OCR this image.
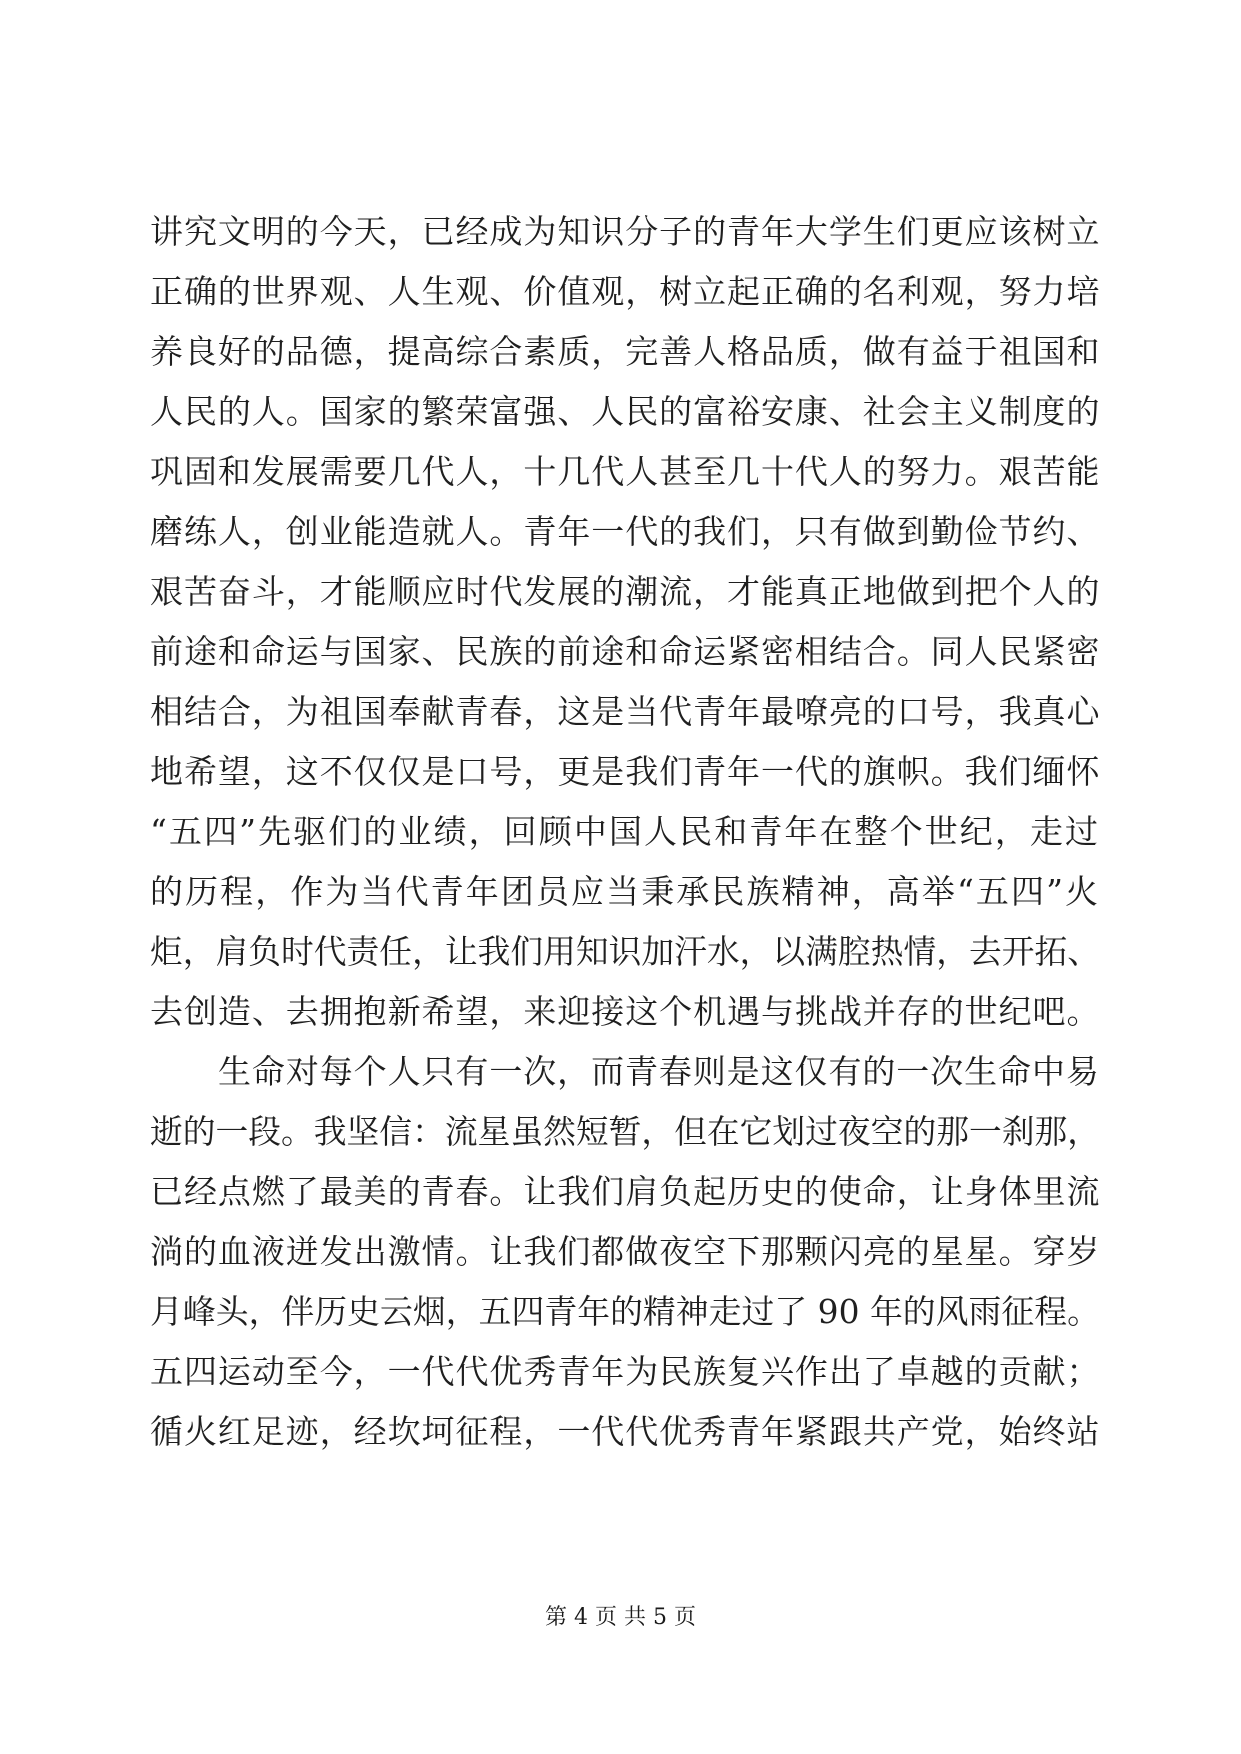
讲究文明的今天，已经成为知识分子的青年大学生们更应该树立
正确的世界观、人生观、价值观，树立起正确的名利观，努力培
养良好的品德，提高综合素质，完善人格品质，做有益于祖国和
人民的人。国家的繁荣富强、人民的富裕安康、社会主义制度的
巩固和发展需要几代人，十几代人甚至几十代人的努力。艰苦能
磨练人，创业能造就人。青年一代的我们，只有做到勤俭节约、
艰苦奋斗，才能顺应时代发展的潮流，才能真正地做到把个人的
前途和命运与国家、民族的前途和命运紧密相结合。同人民紧密
相结合，为祖国奉献青春，这是当代青年最嘹亮的口号，我真心
地希望，这不仅仅是口号，更是我们青年一代的旗帜。我们缅怀
“五四”先驱们的业绩，回顾中国人民和青年在整个世纪，走过
的历程，作为当代青年团员应当秉承民族精神，高举“五四”火
炬，肩负时代责任，让我们用知识加汗水，以满腔热情，去开拓、
去创造、去拥抱新希望，来迎接这个机遇与挑战并存的世纪吧。
生命对每个人只有一次，而青春则是这仅有的一次生命中易
逝的一段。我坚信：流星虽然短暂，但在它划过夜空的那一刹那，
已经点燃了最美的青春。让我们肩负起历史的使命，让身体里流
淌的血液迸发出激情。让我们都做夜空下那颗闪亮的星星。穿岁
月峰头，伴历史云烟，五四青年的精神走过了 90 年的风雨征程。
五四运动至今，一代代优秀青年为民族复兴作出了卓越的贡献；
循火红足迹，经坎坷征程，一代代优秀青年紧跟共产党，始终站
第 4 页 共 5 页
